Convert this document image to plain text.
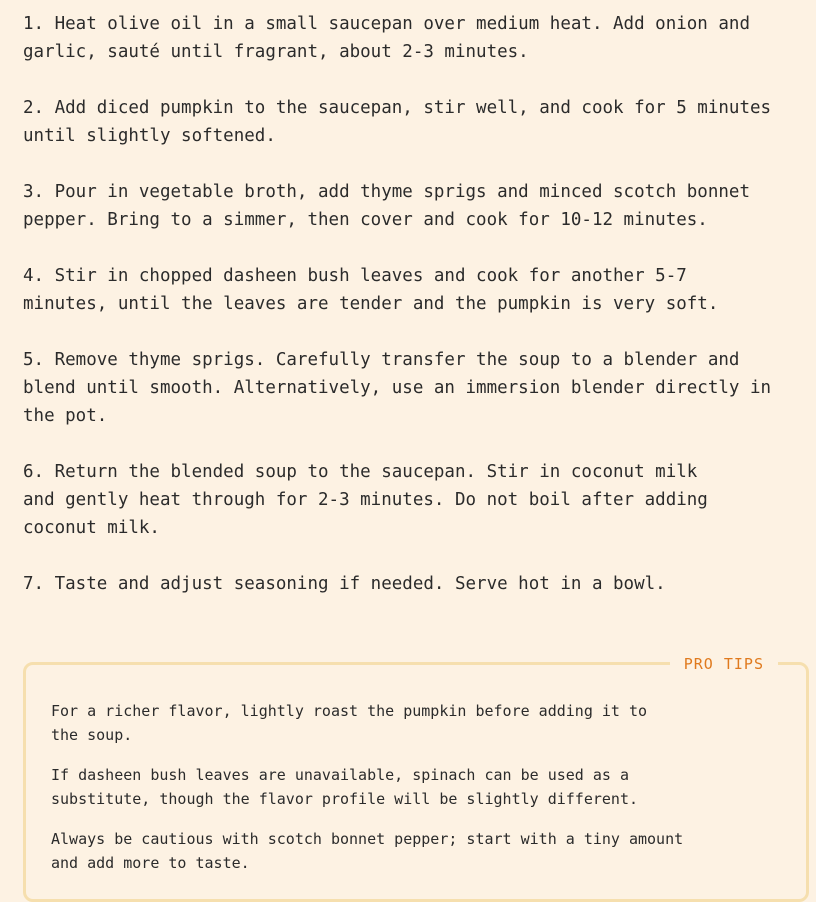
1. Heat olive oil in a small saucepan over medium heat. Add onion and
garlic, sauté until fragrant, about 2-3 minutes.

2. Add diced pumpkin to the saucepan, stir well, and cook for 5 minutes
until slightly softened.

3. Pour in vegetable broth, add thyme sprigs and minced scotch bonnet
pepper. Bring to a simmer, then cover and cook for 10-12 minutes.

4. Stir in chopped dasheen bush leaves and cook for another 5-7
minutes, until the leaves are tender and the pumpkin is very soft.

5. Remove thyme sprigs. Carefully transfer the soup to a blender and
blend until smooth. Alternatively, use an immersion blender directly in
the pot.

6. Return the blended soup to the saucepan. Stir in coconut milk
and gently heat through for 2-3 minutes. Do not boil after adding
coconut milk.

7. Taste and adjust seasoning if needed. Serve hot in a bowl.

PRO TIPS

For a richer flavor, lightly roast the pumpkin before adding it to
the soup.

If dasheen bush leaves are unavailable, spinach can be used as a
substitute, though the flavor profile will be slightly different.

Always be cautious with scotch bonnet pepper; start with a tiny amount
and add more to taste.
